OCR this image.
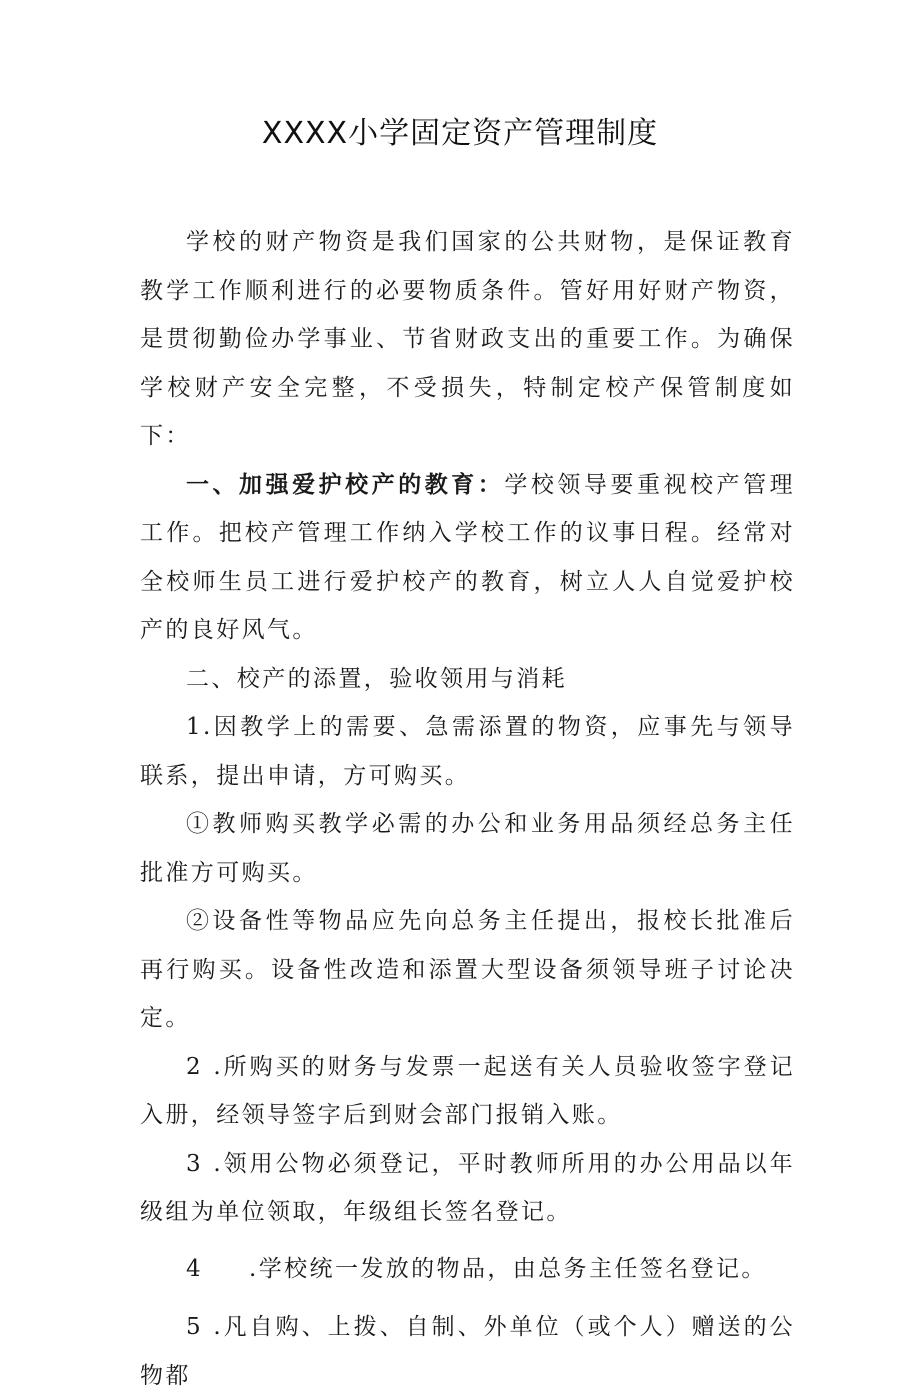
XXXX小学固定资产管理制度

学校的财产物资是我们国家的公共财物，是保证教育教学工作顺利进行的必要物质条件。管好用好财产物资，是贯彻勤俭办学事业、节省财政支出的重要工作。为确保学校财产安全完整，不受损失，特制定校产保管制度如下：

一、加强爱护校产的教育：学校领导要重视校产管理工作。把校产管理工作纳入学校工作的议事日程。经常对全校师生员工进行爱护校产的教育，树立人人自觉爱护校产的良好风气。

二、校产的添置，验收领用与消耗

1.因教学上的需要、急需添置的物资，应事先与领导联系，提出申请，方可购买。

①教师购买教学必需的办公和业务用品须经总务主任批准方可购买。

②设备性等物品应先向总务主任提出，报校长批准后再行购买。设备性改造和添置大型设备须领导班子讨论决定。

2 .所购买的财务与发票一起送有关人员验收签字登记入册，经领导签字后到财会部门报销入账。

3 .领用公物必须登记，平时教师所用的办公用品以年级组为单位领取，年级组长签名登记。

4 .学校统一发放的物品，由总务主任签名登记。

5 .凡自购、上拨、自制、外单位（或个人）赠送的公物都
